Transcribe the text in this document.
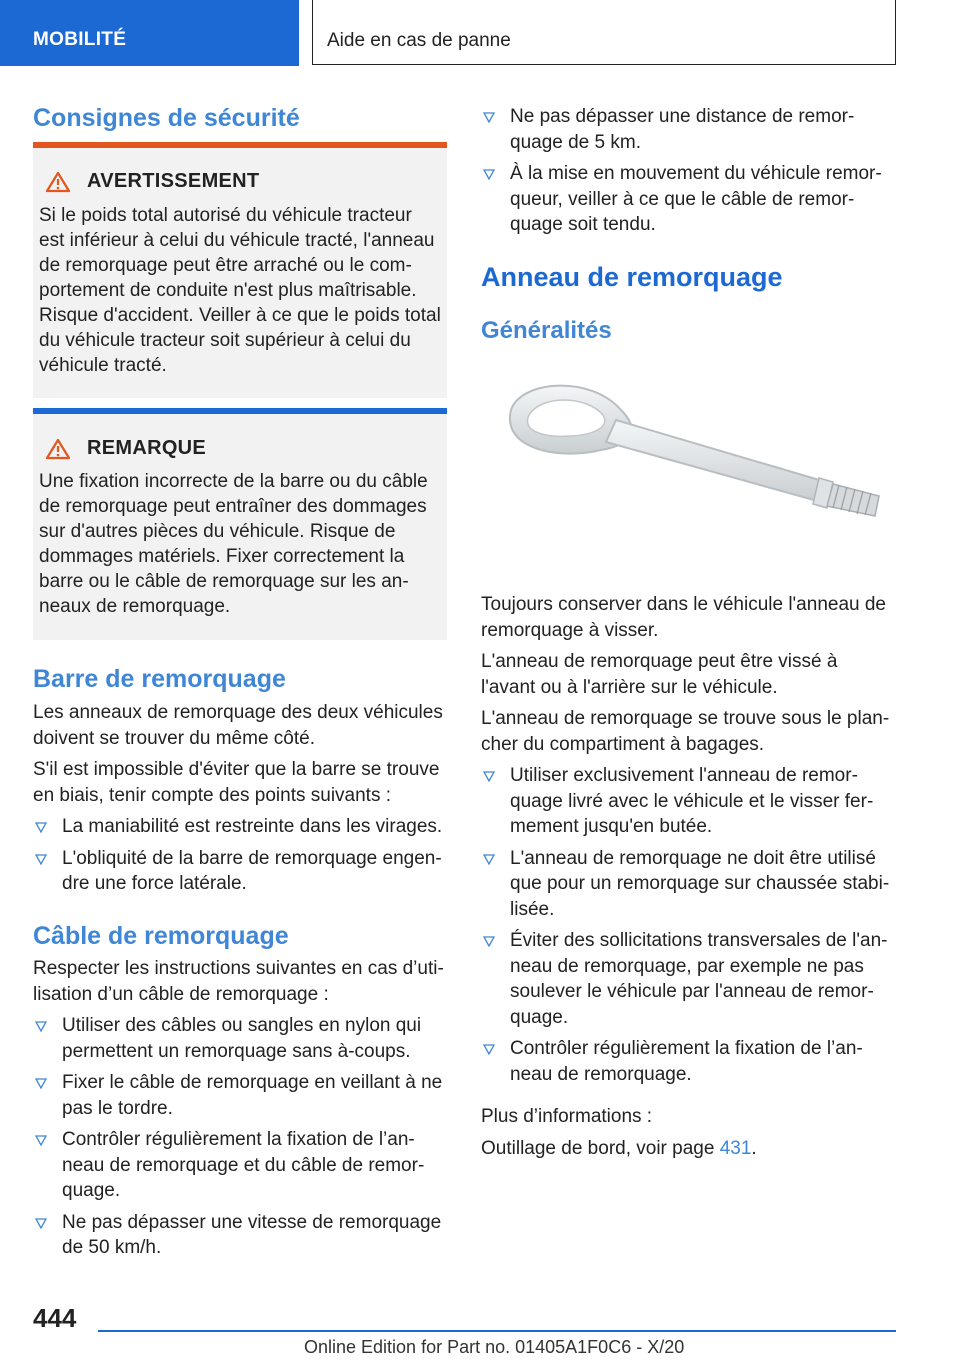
MOBILITÉ	Aide en cas de panne
Consignes de sécurité
AVERTISSEMENT
Si le poids total autorisé du véhicule tracteur est inférieur à celui du véhicule tracté, l'anneau de remorquage peut être arraché ou le comportement de conduite n'est plus maîtrisable. Risque d'accident. Veiller à ce que le poids total du véhicule tracteur soit supérieur à celui du véhicule tracté.
REMARQUE
Une fixation incorrecte de la barre ou du câble de remorquage peut entraîner des dommages sur d'autres pièces du véhicule. Risque de dommages matériels. Fixer correctement la barre ou le câble de remorquage sur les anneaux de remorquage.
Barre de remorquage

Les anneaux de remorquage des deux véhicules doivent se trouver du même côté.

S'il est impossible d'éviter que la barre se trouve en biais, tenir compte des points suivants :

La maniabilité est restreinte dans les virages.
L'obliquité de la barre de remorquage engendre une force latérale.
Câble de remorquage

Respecter les instructions suivantes en cas d’utilisation d’un câble de remorquage :

Utiliser des câbles ou sangles en nylon qui permettent un remorquage sans à-coups.
Fixer le câble de remorquage en veillant à ne pas le tordre.
Contrôler régulièrement la fixation de l’anneau de remorquage et du câble de remorquage.
Ne pas dépasser une vitesse de remorquage de 50 km/h.
Ne pas dépasser une distance de remorquage de 5 km.
À la mise en mouvement du véhicule remorqueur, veiller à ce que le câble de remorquage soit tendu.
Anneau de remorquage
Généralités

Toujours conserver dans le véhicule l'anneau de remorquage à visser.

L'anneau de remorquage peut être vissé à l'avant ou à l'arrière sur le véhicule.

L'anneau de remorquage se trouve sous le plancher du compartiment à bagages.

Utiliser exclusivement l'anneau de remorquage livré avec le véhicule et le visser fermement jusqu'en butée.
L'anneau de remorquage ne doit être utilisé que pour un remorquage sur chaussée stabilisée.
Éviter des sollicitations transversales de l'anneau de remorquage, par exemple ne pas soulever le véhicule par l'anneau de remorquage.
Contrôler régulièrement la fixation de l’anneau de remorquage.

Plus d’informations :

Outillage de bord, voir page 431.

444
Online Edition for Part no. 01405A1F0C6 - X/20
